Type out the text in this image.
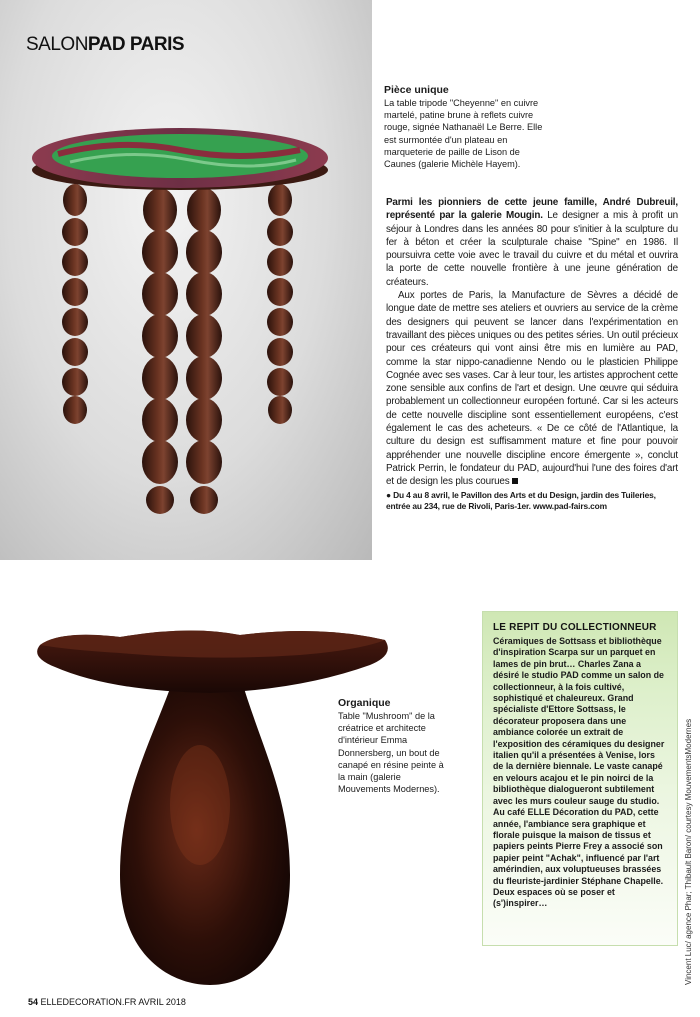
SALONPAD PARIS
Pièce unique
La table tripode "Cheyenne" en cuivre martelé, patine brune à reflets cuivre rouge, signée Nathanaël Le Berre. Elle est surmontée d'un plateau en marqueterie de paille de Lison de Caunes (galerie Michèle Hayem).

Parmi les pionniers de cette jeune famille, André Dubreuil, représenté par la galerie Mougin. Le designer a mis à profit un séjour à Londres dans les années 80 pour s'initier à la sculpture du fer à béton et créer la sculpturale chaise "Spine" en 1986. Il poursuivra cette voie avec le travail du cuivre et du métal et ouvrira la porte de cette nouvelle frontière à une jeune génération de créateurs.

Aux portes de Paris, la Manufacture de Sèvres a décidé de longue date de mettre ses ateliers et ouvriers au service de la crème des designers qui peuvent se lancer dans l'expérimentation en travaillant des pièces uniques ou des petites séries. Un outil précieux pour ces créateurs qui vont ainsi être mis en lumière au PAD, comme la star nippo-canadienne Nendo ou le plasticien Philippe Cognée avec ses vases. Car à leur tour, les artistes approchent cette zone sensible aux confins de l'art et design. Une œuvre qui séduira probablement un collectionneur européen fortuné. Car si les acteurs de cette nouvelle discipline sont essentiellement européens, c'est également le cas des acheteurs. « De ce côté de l'Atlantique, la culture du design est suffisamment mature et fine pour pouvoir appréhender une nouvelle discipline encore émergente », conclut Patrick Perrin, le fondateur du PAD, aujourd'hui l'une des foires d'art et de design les plus courues

● Du 4 au 8 avril, le Pavillon des Arts et du Design, jardin des Tuileries, entrée au 234, rue de Rivoli, Paris-1er. www.pad-fairs.com

Organique
Table "Mushroom" de la créatrice et architecte d'intérieur Emma Donnersberg, un bout de canapé en résine peinte à la main (galerie Mouvements Modernes).
LE REPIT DU COLLECTIONNEUR
Céramiques de Sottsass et bibliothèque d'inspiration Scarpa sur un parquet en lames de pin brut… Charles Zana a désiré le studio PAD comme un salon de collectionneur, à la fois cultivé, sophistiqué et chaleureux. Grand spécialiste d'Ettore Sottsass, le décorateur proposera dans une ambiance colorée un extrait de l'exposition des céramiques du designer italien qu'il a présentées à Venise, lors de la dernière biennale. Le vaste canapé en velours acajou et le pin noirci de la bibliothèque dialogueront subtilement avec les murs couleur sauge du studio. Au café ELLE Décoration du PAD, cette année, l'ambiance sera graphique et florale puisque la maison de tissus et papiers peints Pierre Frey a associé son papier peint "Achak", influencé par l'art amérindien, aux voluptueuses brassées du fleuriste-jardinier Stéphane Chapelle. Deux espaces où se poser et (s')inspirer…	Vincent Luc/ agence Phar; Thibault Baron/ courtesy MouvementsModernes
54 ELLEDECORATION.FR AVRIL 2018
